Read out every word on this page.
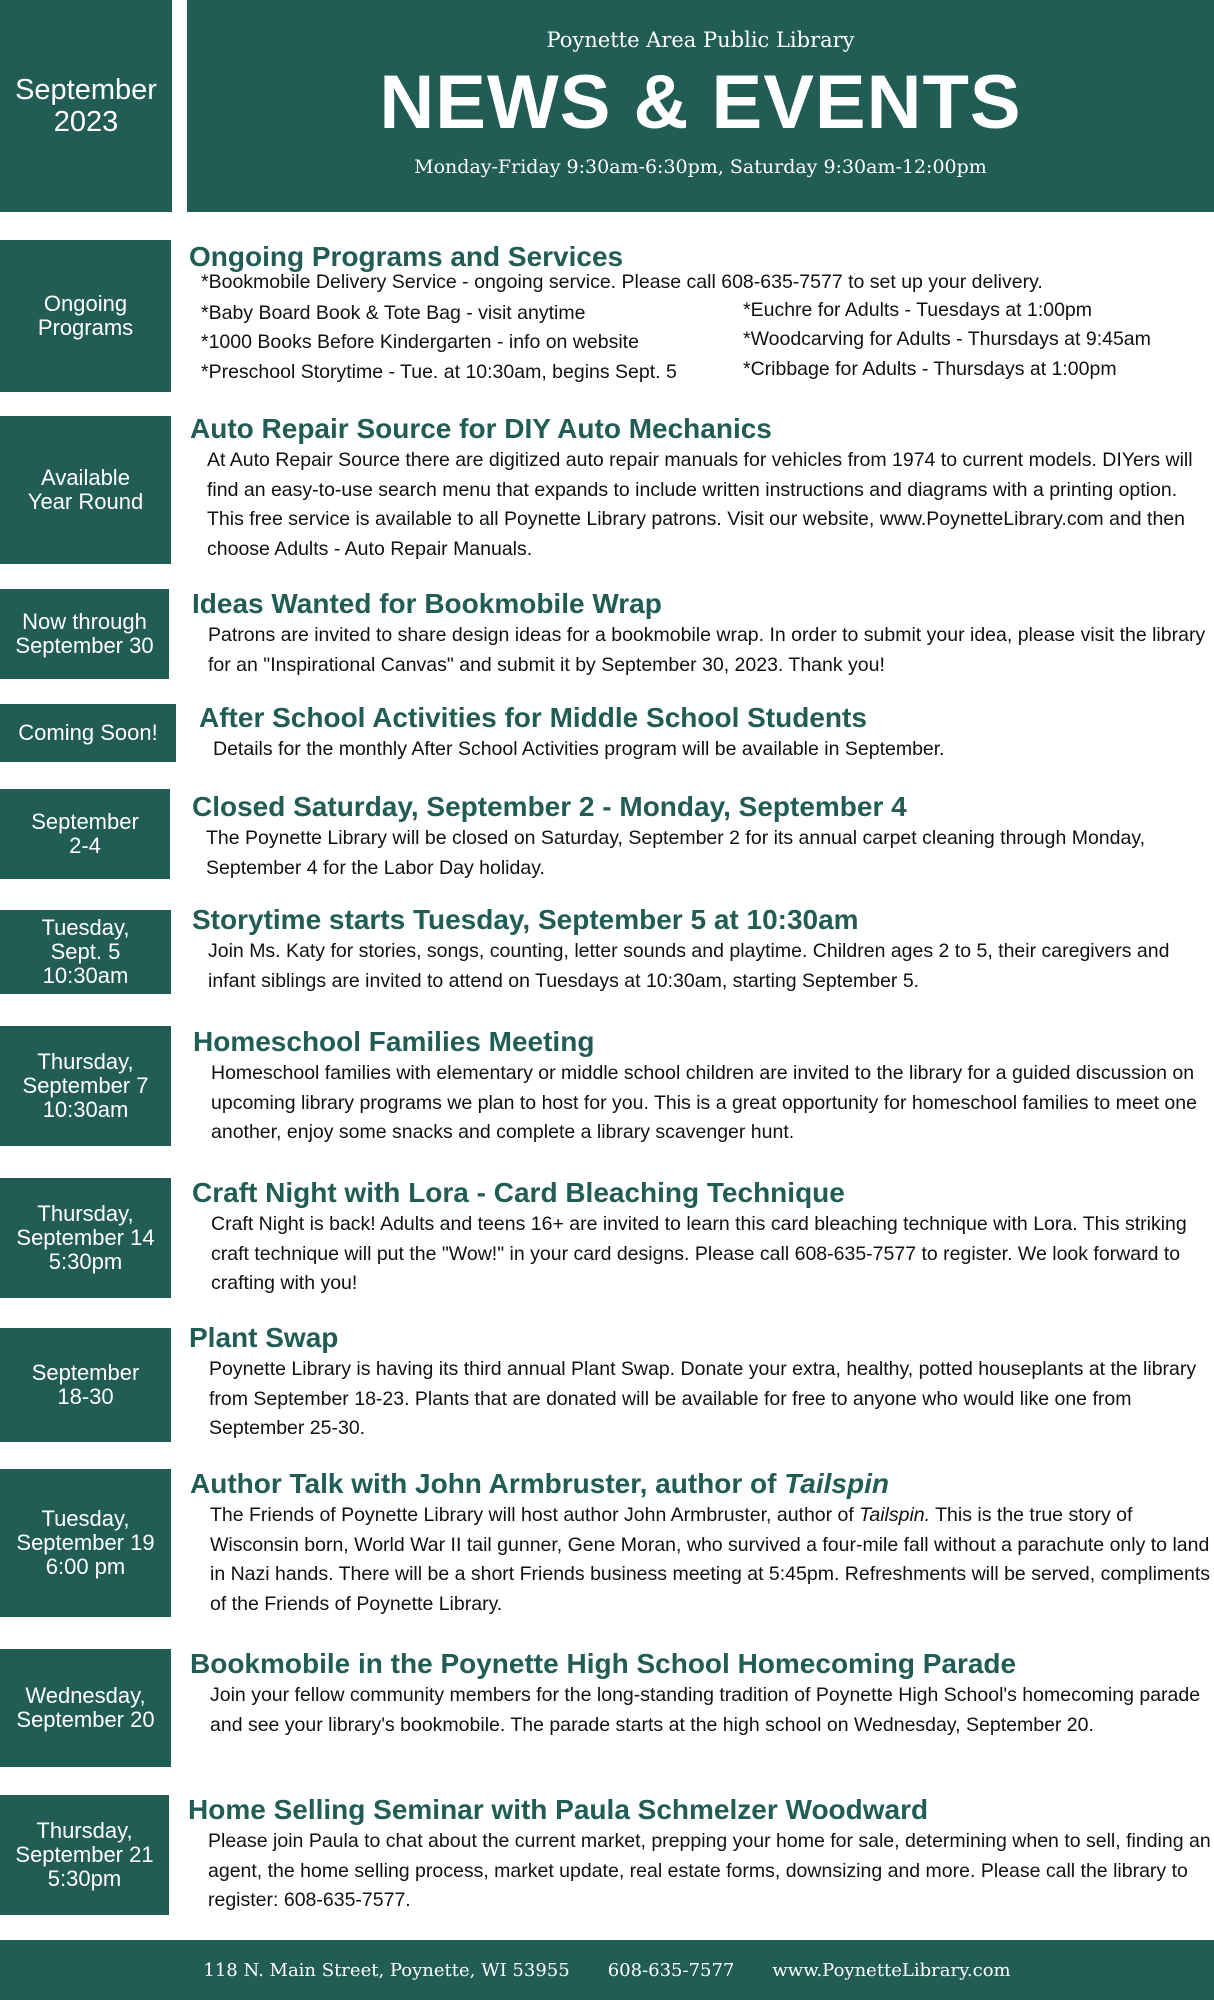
September
2023
Poynette Area Public Library
NEWS & EVENTS
Monday-Friday 9:30am-6:30pm, Saturday 9:30am-12:00pm
Ongoing
Programs
Ongoing Programs and Services
*Bookmobile Delivery Service - ongoing service. Please call 608-635-7577 to set up your delivery.
*Baby Board Book & Tote Bag - visit anytime
*1000 Books Before Kindergarten - info on website
*Preschool Storytime - Tue. at 10:30am, begins Sept. 5
*Euchre for Adults - Tuesdays at 1:00pm
*Woodcarving for Adults - Thursdays at 9:45am
*Cribbage for Adults - Thursdays at 1:00pm
Available
Year Round
Auto Repair Source for DIY Auto Mechanics

At Auto Repair Source there are digitized auto repair manuals for vehicles from 1974 to current models. DIYers will find an easy-to-use search menu that expands to include written instructions and diagrams with a printing option. This free service is available to all Poynette Library patrons. Visit our website, www.PoynetteLibrary.com and then choose Adults - Auto Repair Manuals.

Now through
September 30
Ideas Wanted for Bookmobile Wrap

Patrons are invited to share design ideas for a bookmobile wrap. In order to submit your idea, please visit the library for an "Inspirational Canvas" and submit it by September 30, 2023. Thank you!

Coming Soon! After School Activities for Middle School Students

Details for the monthly After School Activities program will be available in September.

September
2-4
Closed Saturday, September 2 - Monday, September 4

The Poynette Library will be closed on Saturday, September 2 for its annual carpet cleaning through Monday, September 4 for the Labor Day holiday.

Tuesday,
Sept. 5
10:30am
Storytime starts Tuesday, September 5 at 10:30am

Join Ms. Katy for stories, songs, counting, letter sounds and playtime. Children ages 2 to 5, their caregivers and infant siblings are invited to attend on Tuesdays at 10:30am, starting September 5.

Thursday,
September 7
10:30am
Homeschool Families Meeting

Homeschool families with elementary or middle school children are invited to the library for a guided discussion on upcoming library programs we plan to host for you. This is a great opportunity for homeschool families to meet one another, enjoy some snacks and complete a library scavenger hunt.

Thursday,
September 14
5:30pm
Craft Night with Lora - Card Bleaching Technique

Craft Night is back! Adults and teens 16+ are invited to learn this card bleaching technique with Lora. This striking craft technique will put the "Wow!" in your card designs. Please call 608-635-7577 to register. We look forward to crafting with you!

September
18-30
Plant Swap

Poynette Library is having its third annual Plant Swap. Donate your extra, healthy, potted houseplants at the library from September 18-23. Plants that are donated will be available for free to anyone who would like one from September 25-30.

Tuesday,
September 19
6:00 pm
Author Talk with John Armbruster, author of Tailspin

The Friends of Poynette Library will host author John Armbruster, author of Tailspin. This is the true story of Wisconsin born, World War II tail gunner, Gene Moran, who survived a four-mile fall without a parachute only to land in Nazi hands. There will be a short Friends business meeting at 5:45pm. Refreshments will be served, compliments of the Friends of Poynette Library.

Wednesday,
September 20
Bookmobile in the Poynette High School Homecoming Parade

Join your fellow community members for the long-standing tradition of Poynette High School's homecoming parade and see your library's bookmobile. The parade starts at the high school on Wednesday, September 20.

Thursday,
September 21
5:30pm
Home Selling Seminar with Paula Schmelzer Woodward

Please join Paula to chat about the current market, prepping your home for sale, determining when to sell, finding an agent, the home selling process, market update, real estate forms, downsizing and more. Please call the library to register: 608-635-7577.

118 N. Main Street, Poynette, WI 53955 608-635-7577 www.PoynetteLibrary.com
